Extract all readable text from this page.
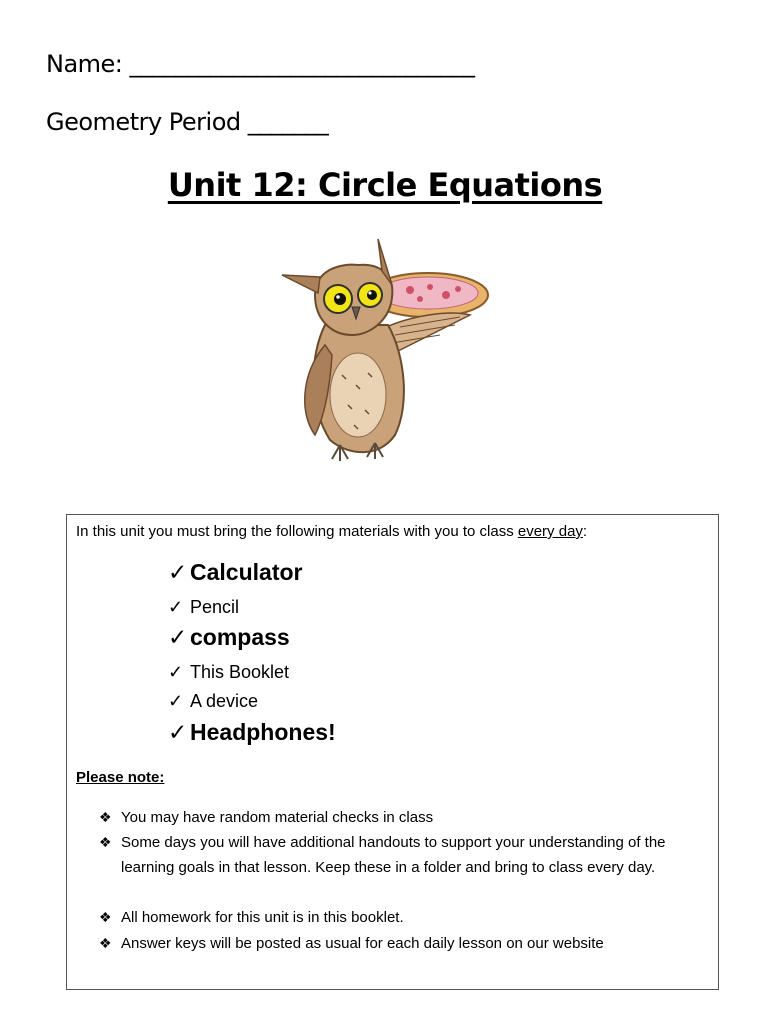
Name: ______________________________
Geometry Period _______
Unit 12: Circle Equations
In this unit you must bring the following materials with you to class every day:
✓ Calculator
✓ Pencil
✓ compass
✓ This Booklet
✓ A device
✓ Headphones!
Please note:
❖ You may have random material checks in class
❖ Some days you will have additional handouts to support your understanding of the learning goals in that lesson. Keep these in a folder and bring to class every day.
❖ All homework for this unit is in this booklet.
❖ Answer keys will be posted as usual for each daily lesson on our website
